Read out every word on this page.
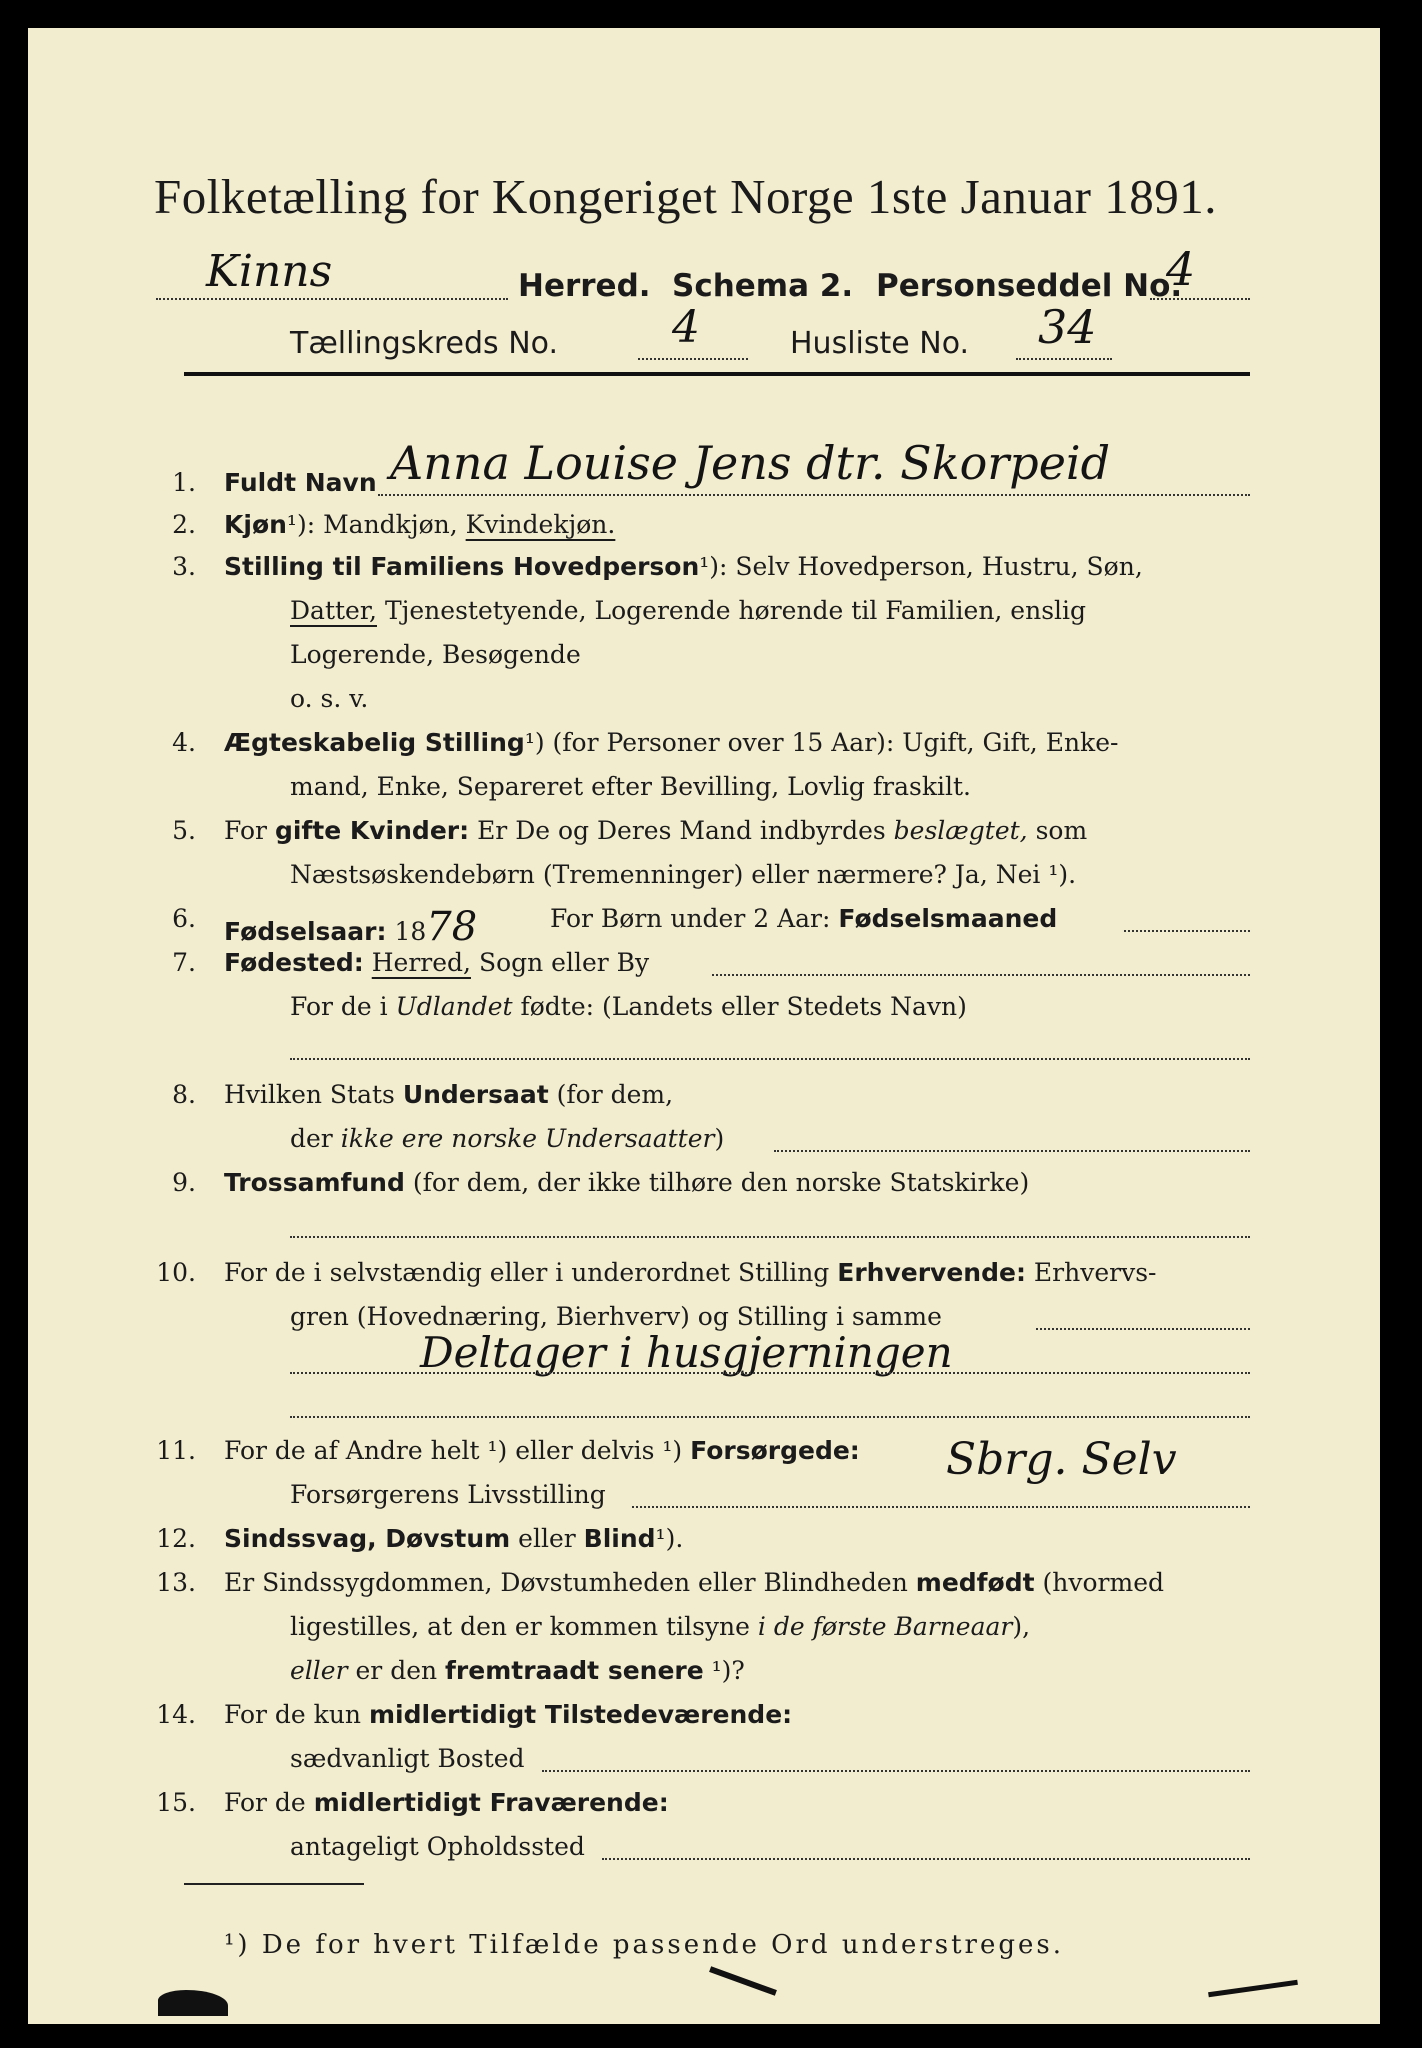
Folketælling for Kongeriget Norge 1ste Januar 1891.
Kinns	Herred. Schema 2. Personseddel No.
4
Tællingskreds No.	4	Husliste No. 34
1. Fuldt Navn Anna Louise Jens dtr. Skorpeid
2. Kjøn¹): Mandkjøn, Kvindekjøn.
3. Stilling til Familiens Hovedperson¹): Selv Hovedperson, Hustru, Søn,
Datter, Tjenestetyende, Logerende hørende til Familien, enslig
Logerende, Besøgende
o. s. v.
4. Ægteskabelig Stilling¹) (for Personer over 15 Aar): Ugift, Gift, Enke-
mand, Enke, Separeret efter Bevilling, Lovlig fraskilt.
5. For gifte Kvinder: Er De og Deres Mand indbyrdes beslægtet, som
Næstsøskendebørn (Tremenninger) eller nærmere? Ja, Nei ¹).
6. Fødselsaar: 1878	For Børn under 2 Aar: Fødselsmaaned
7. Fødested: Herred, Sogn eller By
For de i Udlandet fødte: (Landets eller Stedets Navn)
8. Hvilken Stats Undersaat (for dem,
der ikke ere norske Undersaatter)
9. Trossamfund (for dem, der ikke tilhøre den norske Statskirke)
10. For de i selvstændig eller i underordnet Stilling Erhvervende: Erhvervs-
gren (Hovednæring, Bierhverv) og Stilling i samme
Deltager i husgjerningen
11. For de af Andre helt ¹) eller delvis ¹) Forsørgede:
Forsørgerens Livsstilling
Sbrg. Selv
12. Sindssvag, Døvstum eller Blind¹).
13. Er Sindssygdommen, Døvstumheden eller Blindheden medfødt (hvormed
ligestilles, at den er kommen tilsyne i de første Barneaar),
eller er den fremtraadt senere ¹)?
14. For de kun midlertidigt Tilstedeværende:
sædvanligt Bosted
15. For de midlertidigt Fraværende:
antageligt Opholdssted
¹) De for hvert Tilfælde passende Ord understreges.
